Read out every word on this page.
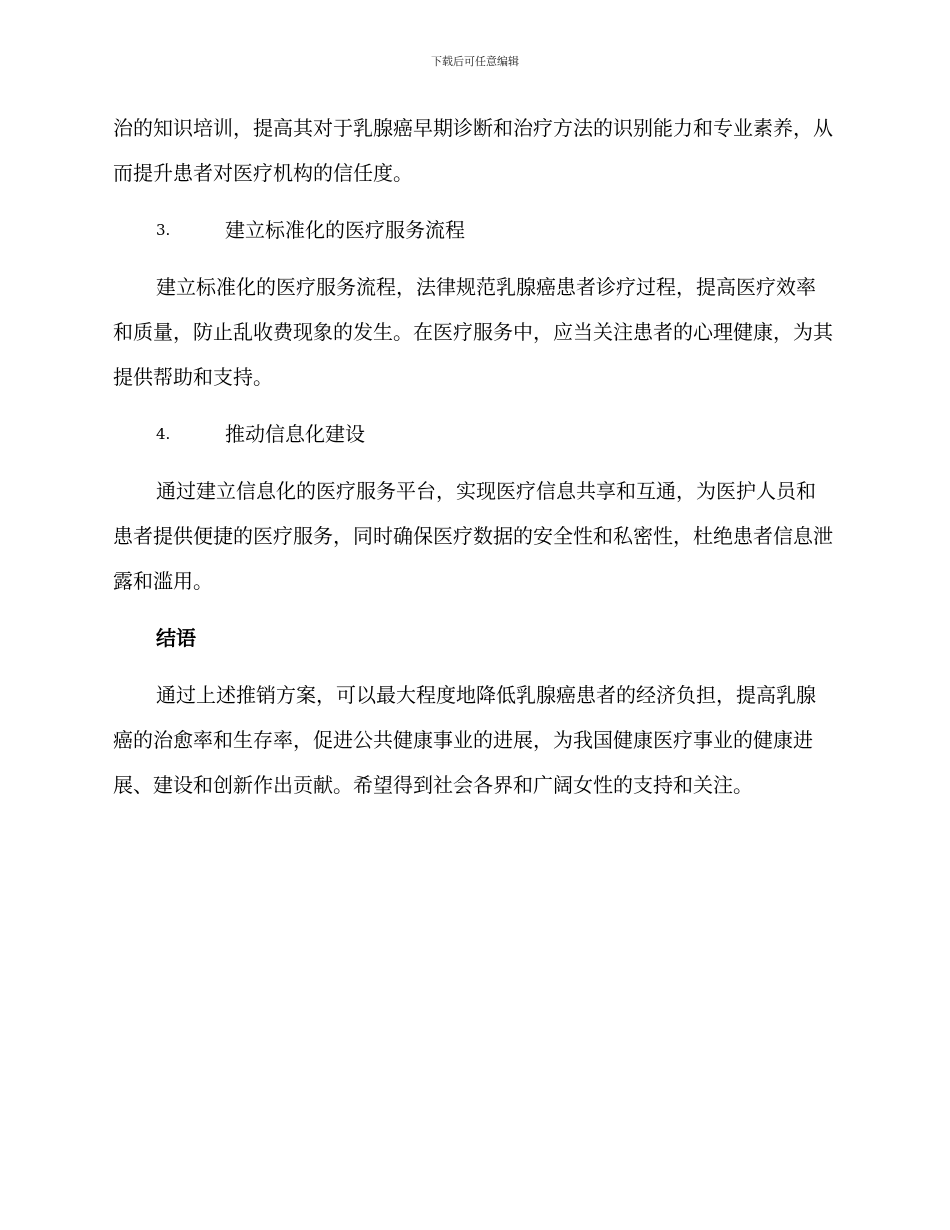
下载后可任意编辑

治的知识培训，提高其对于乳腺癌早期诊断和治疗方法的识别能力和专业素养，从而提升患者对医疗机构的信任度。

3.	建立标准化的医疗服务流程

建立标准化的医疗服务流程，法律规范乳腺癌患者诊疗过程，提高医疗效率和质量，防止乱收费现象的发生。在医疗服务中，应当关注患者的心理健康，为其提供帮助和支持。

4.	推动信息化建设

通过建立信息化的医疗服务平台，实现医疗信息共享和互通，为医护人员和患者提供便捷的医疗服务，同时确保医疗数据的安全性和私密性，杜绝患者信息泄露和滥用。

结语

通过上述推销方案，可以最大程度地降低乳腺癌患者的经济负担，提高乳腺癌的治愈率和生存率，促进公共健康事业的进展，为我国健康医疗事业的健康进展、建设和创新作出贡献。希望得到社会各界和广阔女性的支持和关注。
